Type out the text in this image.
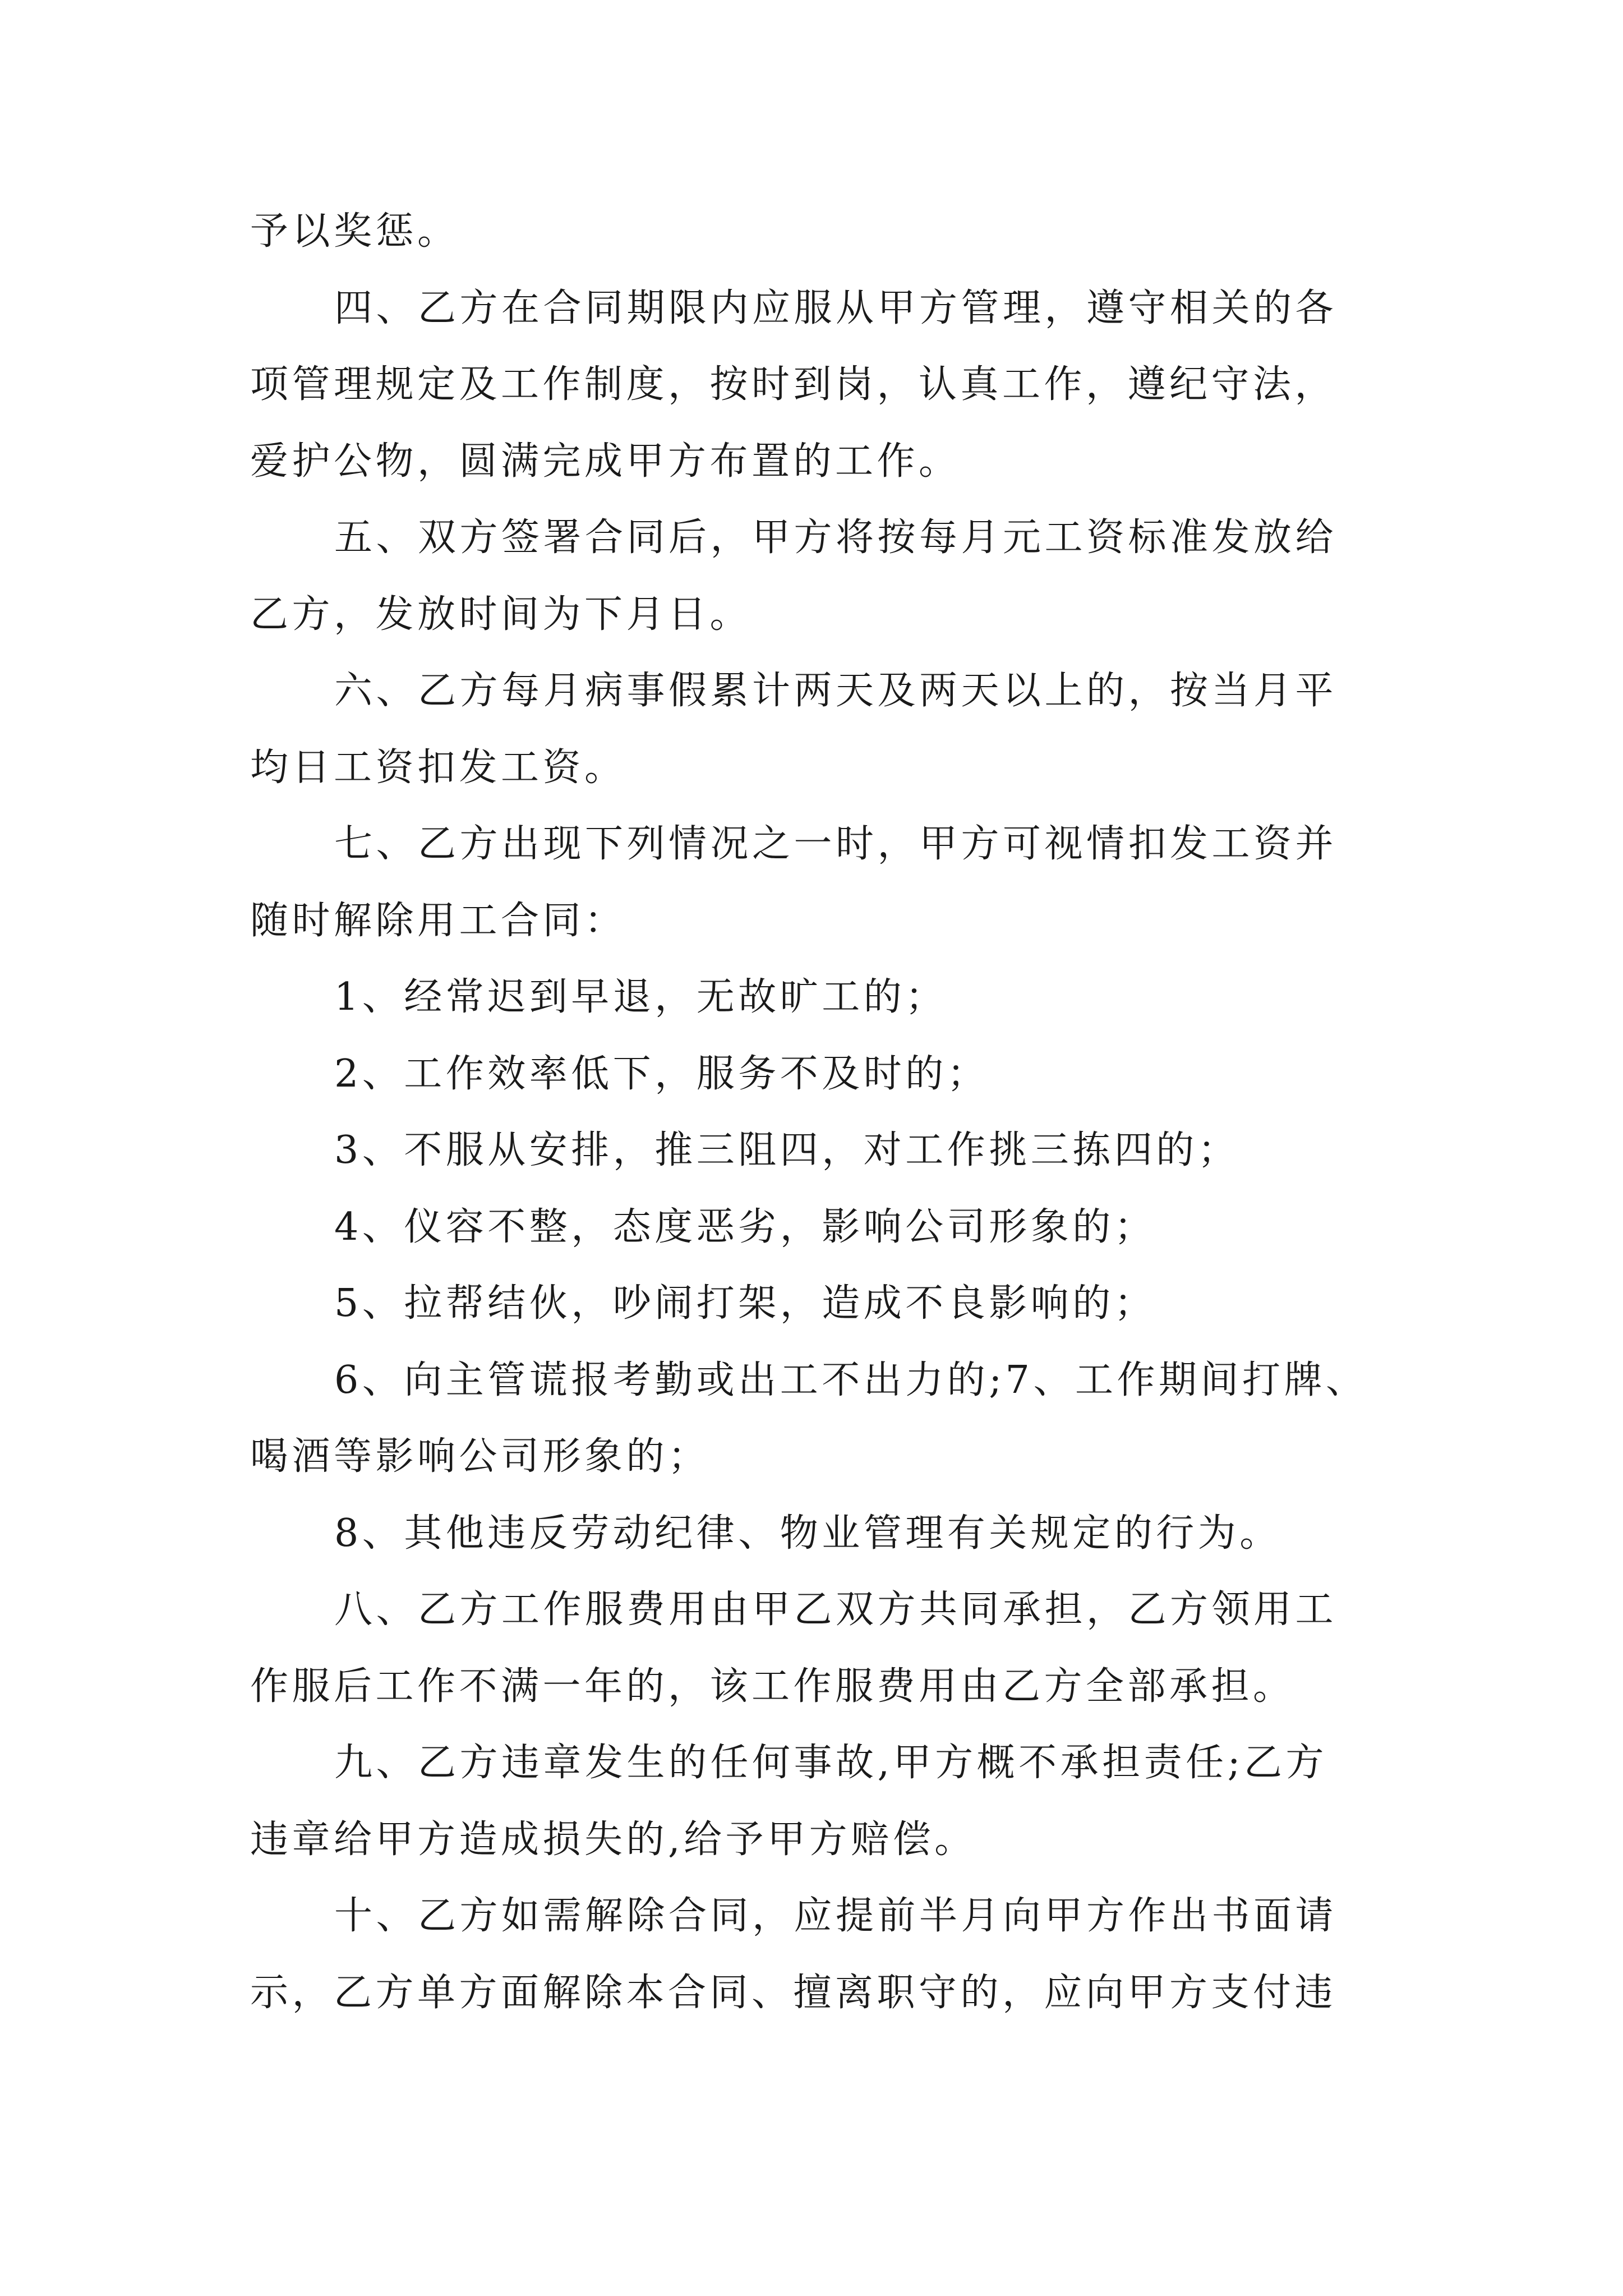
予以奖惩。
四、乙方在合同期限内应服从甲方管理，遵守相关的各
项管理规定及工作制度，按时到岗，认真工作，遵纪守法，
爱护公物，圆满完成甲方布置的工作。
五、双方签署合同后，甲方将按每月元工资标准发放给
乙方，发放时间为下月日。
六、乙方每月病事假累计两天及两天以上的，按当月平
均日工资扣发工资。
七、乙方出现下列情况之一时，甲方可视情扣发工资并
随时解除用工合同：
1、经常迟到早退，无故旷工的；
2、工作效率低下，服务不及时的；
3、不服从安排，推三阻四，对工作挑三拣四的；
4、仪容不整，态度恶劣，影响公司形象的；
5、拉帮结伙，吵闹打架，造成不良影响的；
6、向主管谎报考勤或出工不出力的;7、工作期间打牌、
喝酒等影响公司形象的；
8、其他违反劳动纪律、物业管理有关规定的行为。
八、乙方工作服费用由甲乙双方共同承担，乙方领用工
作服后工作不满一年的，该工作服费用由乙方全部承担。
九、乙方违章发生的任何事故,甲方概不承担责任;乙方
违章给甲方造成损失的,给予甲方赔偿。
十、乙方如需解除合同，应提前半月向甲方作出书面请
示，乙方单方面解除本合同、擅离职守的，应向甲方支付违
